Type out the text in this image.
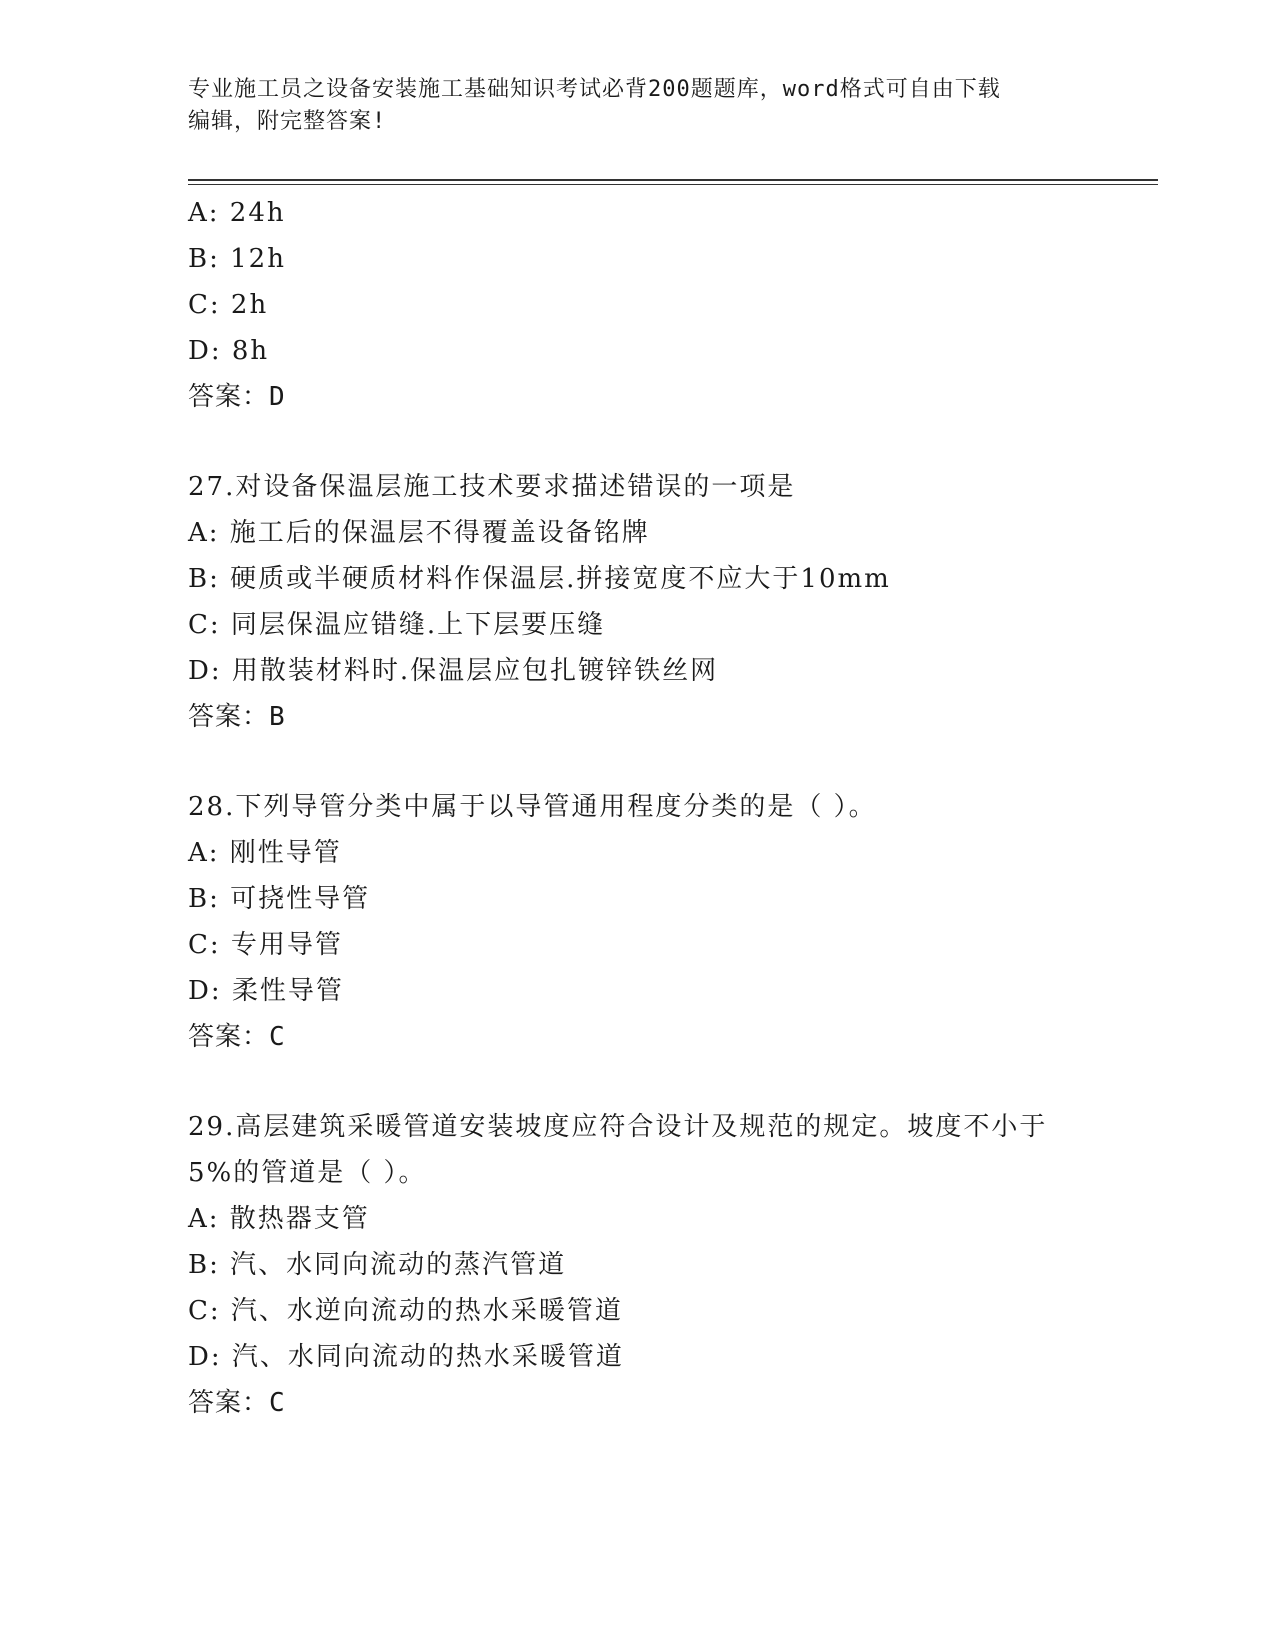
专业施工员之设备安装施工基础知识考试必背200题题库，word格式可自由下载
编辑，附完整答案!
A: 24h
B: 12h
C: 2h
D: 8h
答案：D
27.对设备保温层施工技术要求描述错误的一项是
A: 施工后的保温层不得覆盖设备铭牌
B: 硬质或半硬质材料作保温层.拼接宽度不应大于10mm
C: 同层保温应错缝.上下层要压缝
D: 用散装材料时.保温层应包扎镀锌铁丝网
答案：B
28.下列导管分类中属于以导管通用程度分类的是（ ）。
A: 刚性导管
B: 可挠性导管
C: 专用导管
D: 柔性导管
答案：C
29.高层建筑采暖管道安装坡度应符合设计及规范的规定。坡度不小于
5%的管道是（ ）。
A: 散热器支管
B: 汽、水同向流动的蒸汽管道
C: 汽、水逆向流动的热水采暖管道
D: 汽、水同向流动的热水采暖管道
答案：C
